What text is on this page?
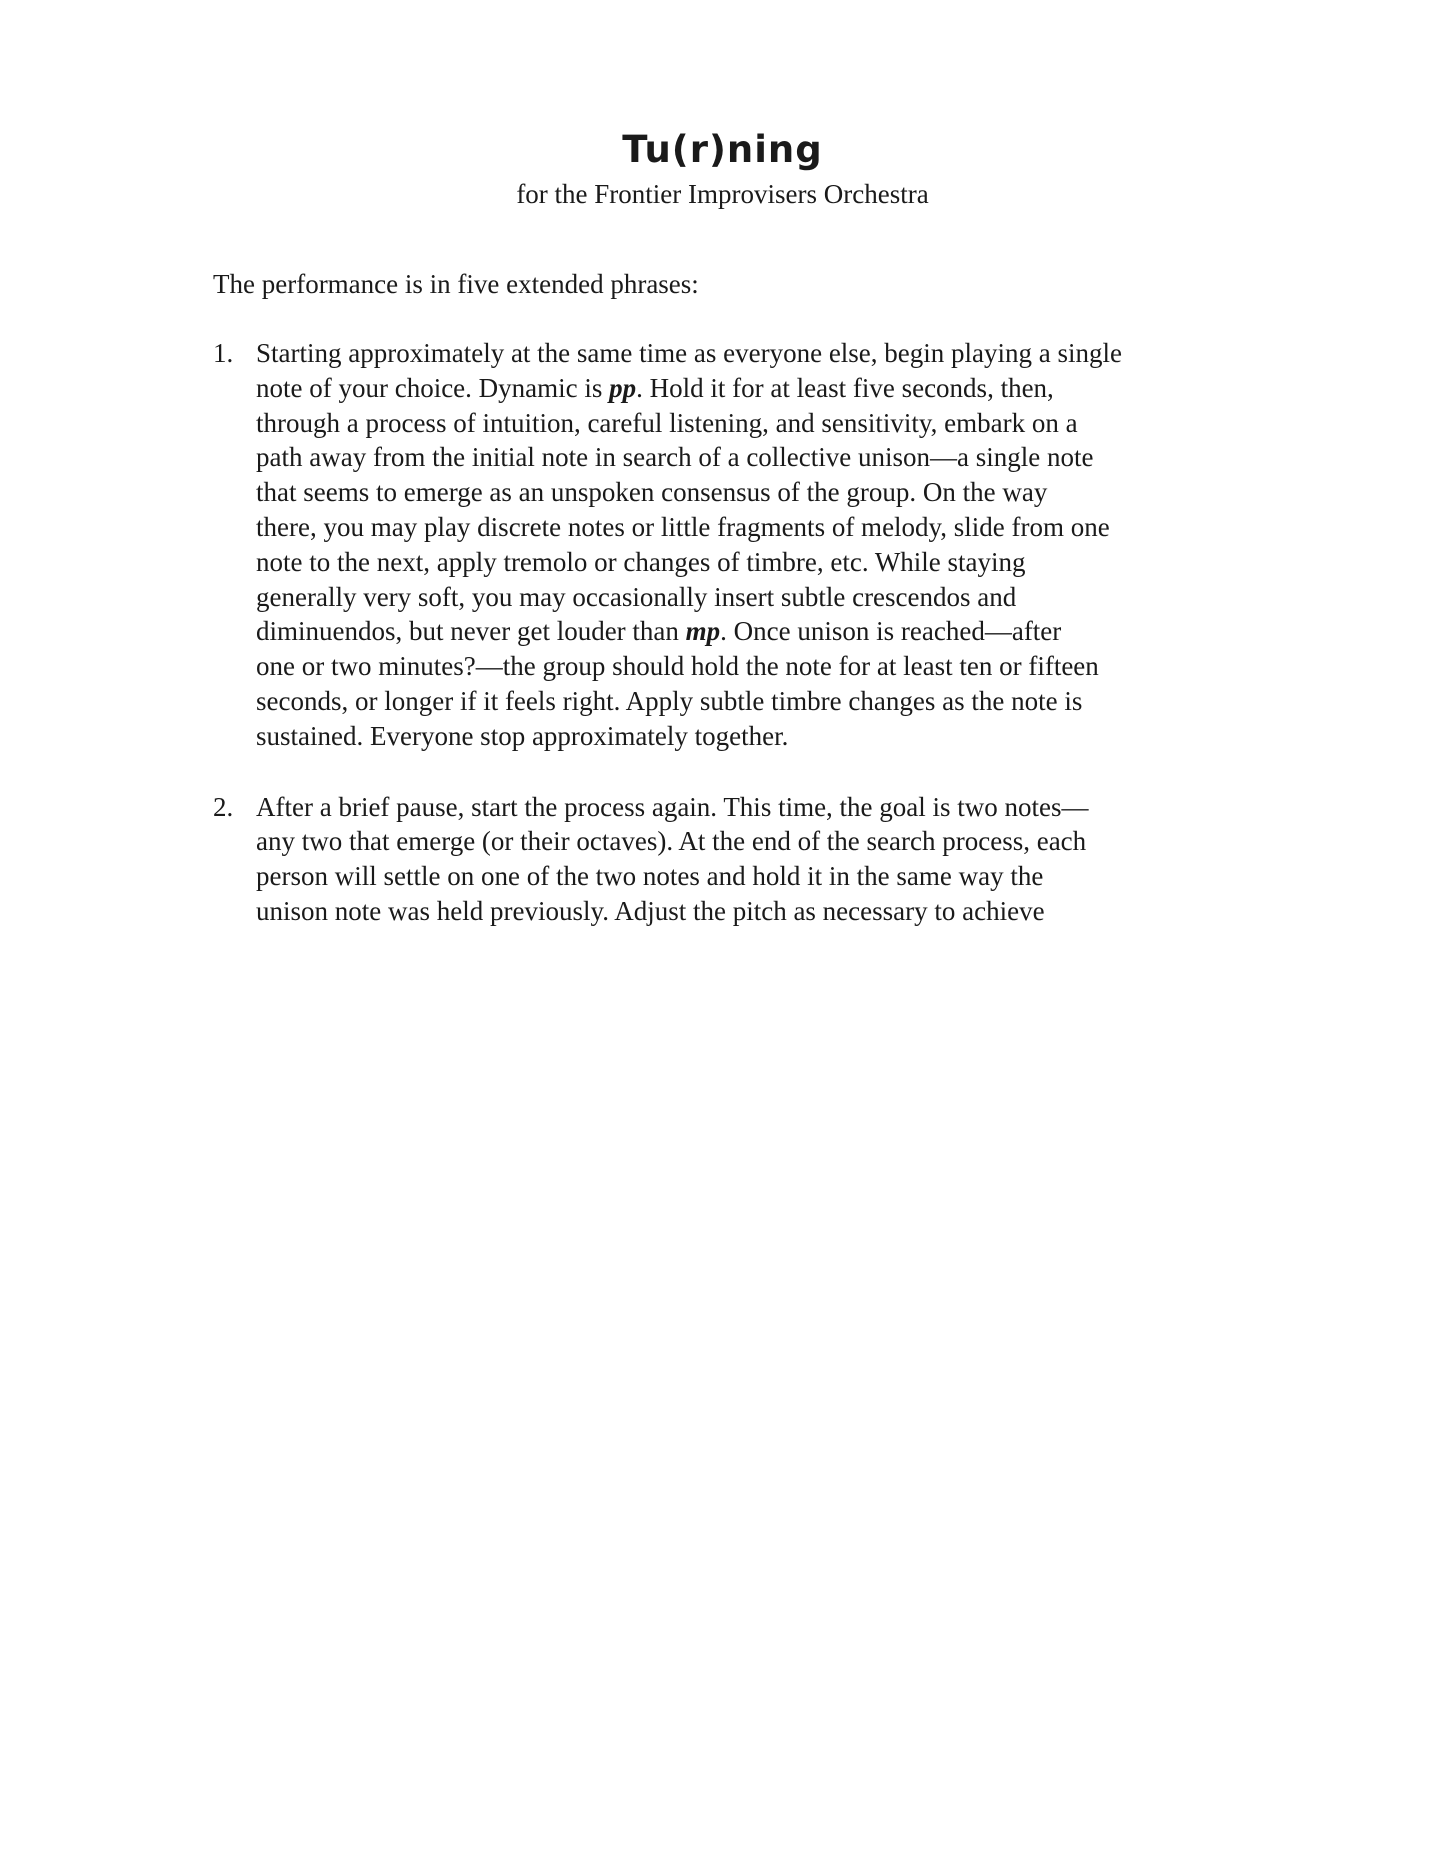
Tu(r)ning

for the Frontier Improvisers Orchestra

The performance is in five extended phrases:

1. Starting approximately at the same time as everyone else, begin playing a single
note of your choice. Dynamic is pp. Hold it for at least five seconds, then,
through a process of intuition, careful listening, and sensitivity, embark on a
path away from the initial note in search of a collective unison—a single note
that seems to emerge as an unspoken consensus of the group. On the way
there, you may play discrete notes or little fragments of melody, slide from one
note to the next, apply tremolo or changes of timbre, etc. While staying
generally very soft, you may occasionally insert subtle crescendos and
diminuendos, but never get louder than mp. Once unison is reached—after
one or two minutes?—the group should hold the note for at least ten or fifteen
seconds, or longer if it feels right. Apply subtle timbre changes as the note is
sustained. Everyone stop approximately together.
2. After a brief pause, start the process again. This time, the goal is two notes—
any two that emerge (or their octaves). At the end of the search process, each
person will settle on one of the two notes and hold it in the same way the
unison note was held previously. Adjust the pitch as necessary to achieve
